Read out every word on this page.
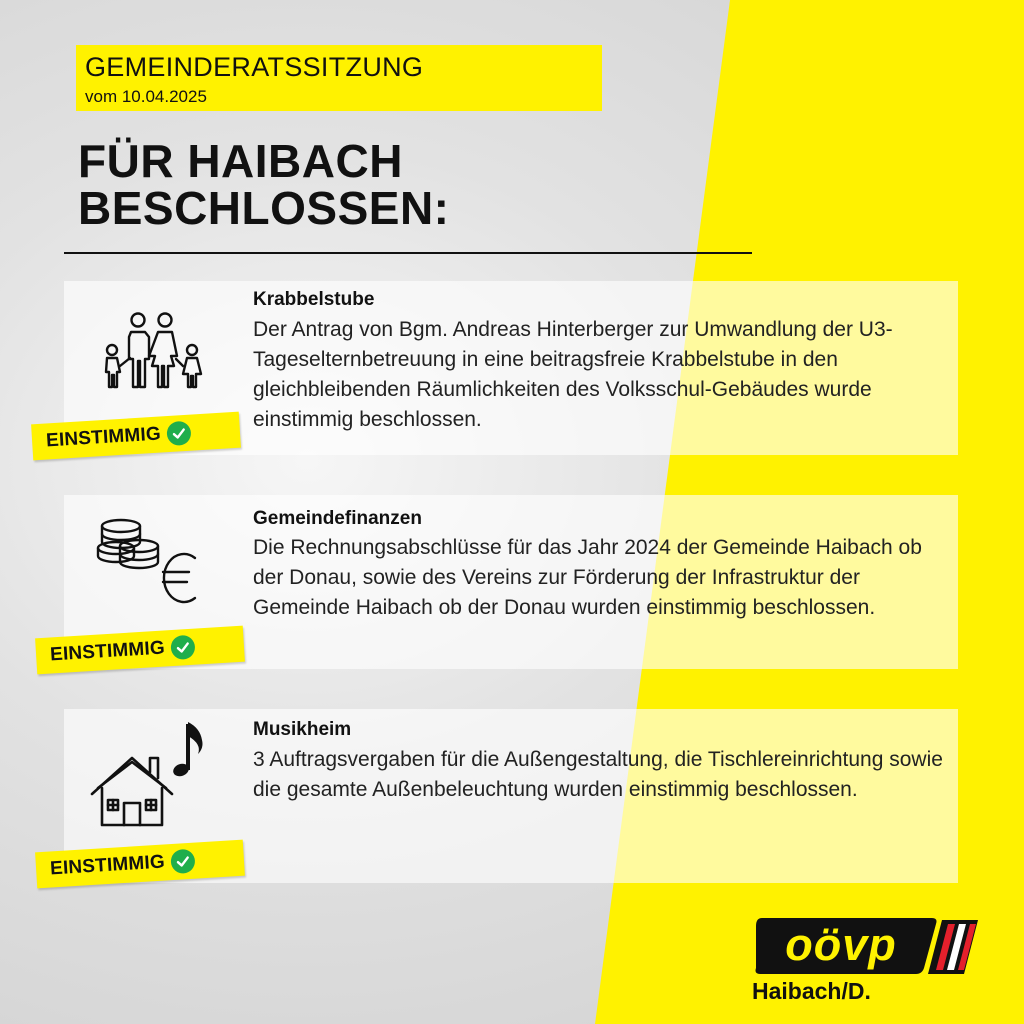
GEMEINDERATSSITZUNG
vom 10.04.2025
FÜR HAIBACH
BESCHLOSSEN:
Krabbelstube
Der Antrag von Bgm. Andreas Hinterberger zur Umwandlung der U3-Tageselternbetreuung in eine beitragsfreie Krabbelstube in den gleichbleibenden Räumlichkeiten des Volksschul-Gebäudes wurde einstimmig beschlossen.
EINSTIMMIG
Gemeindefinanzen
Die Rechnungsabschlüsse für das Jahr 2024 der Gemeinde Haibach ob der Donau, sowie des Vereins zur Förderung der Infrastruktur der Gemeinde Haibach ob der Donau wurden einstimmig beschlossen.
EINSTIMMIG
Musikheim
3 Auftragsvergaben für die Außengestaltung, die Tischlereinrichtung sowie die gesamte Außenbeleuchtung wurden einstimmig beschlossen.
EINSTIMMIG
oövp
Haibach/D.
